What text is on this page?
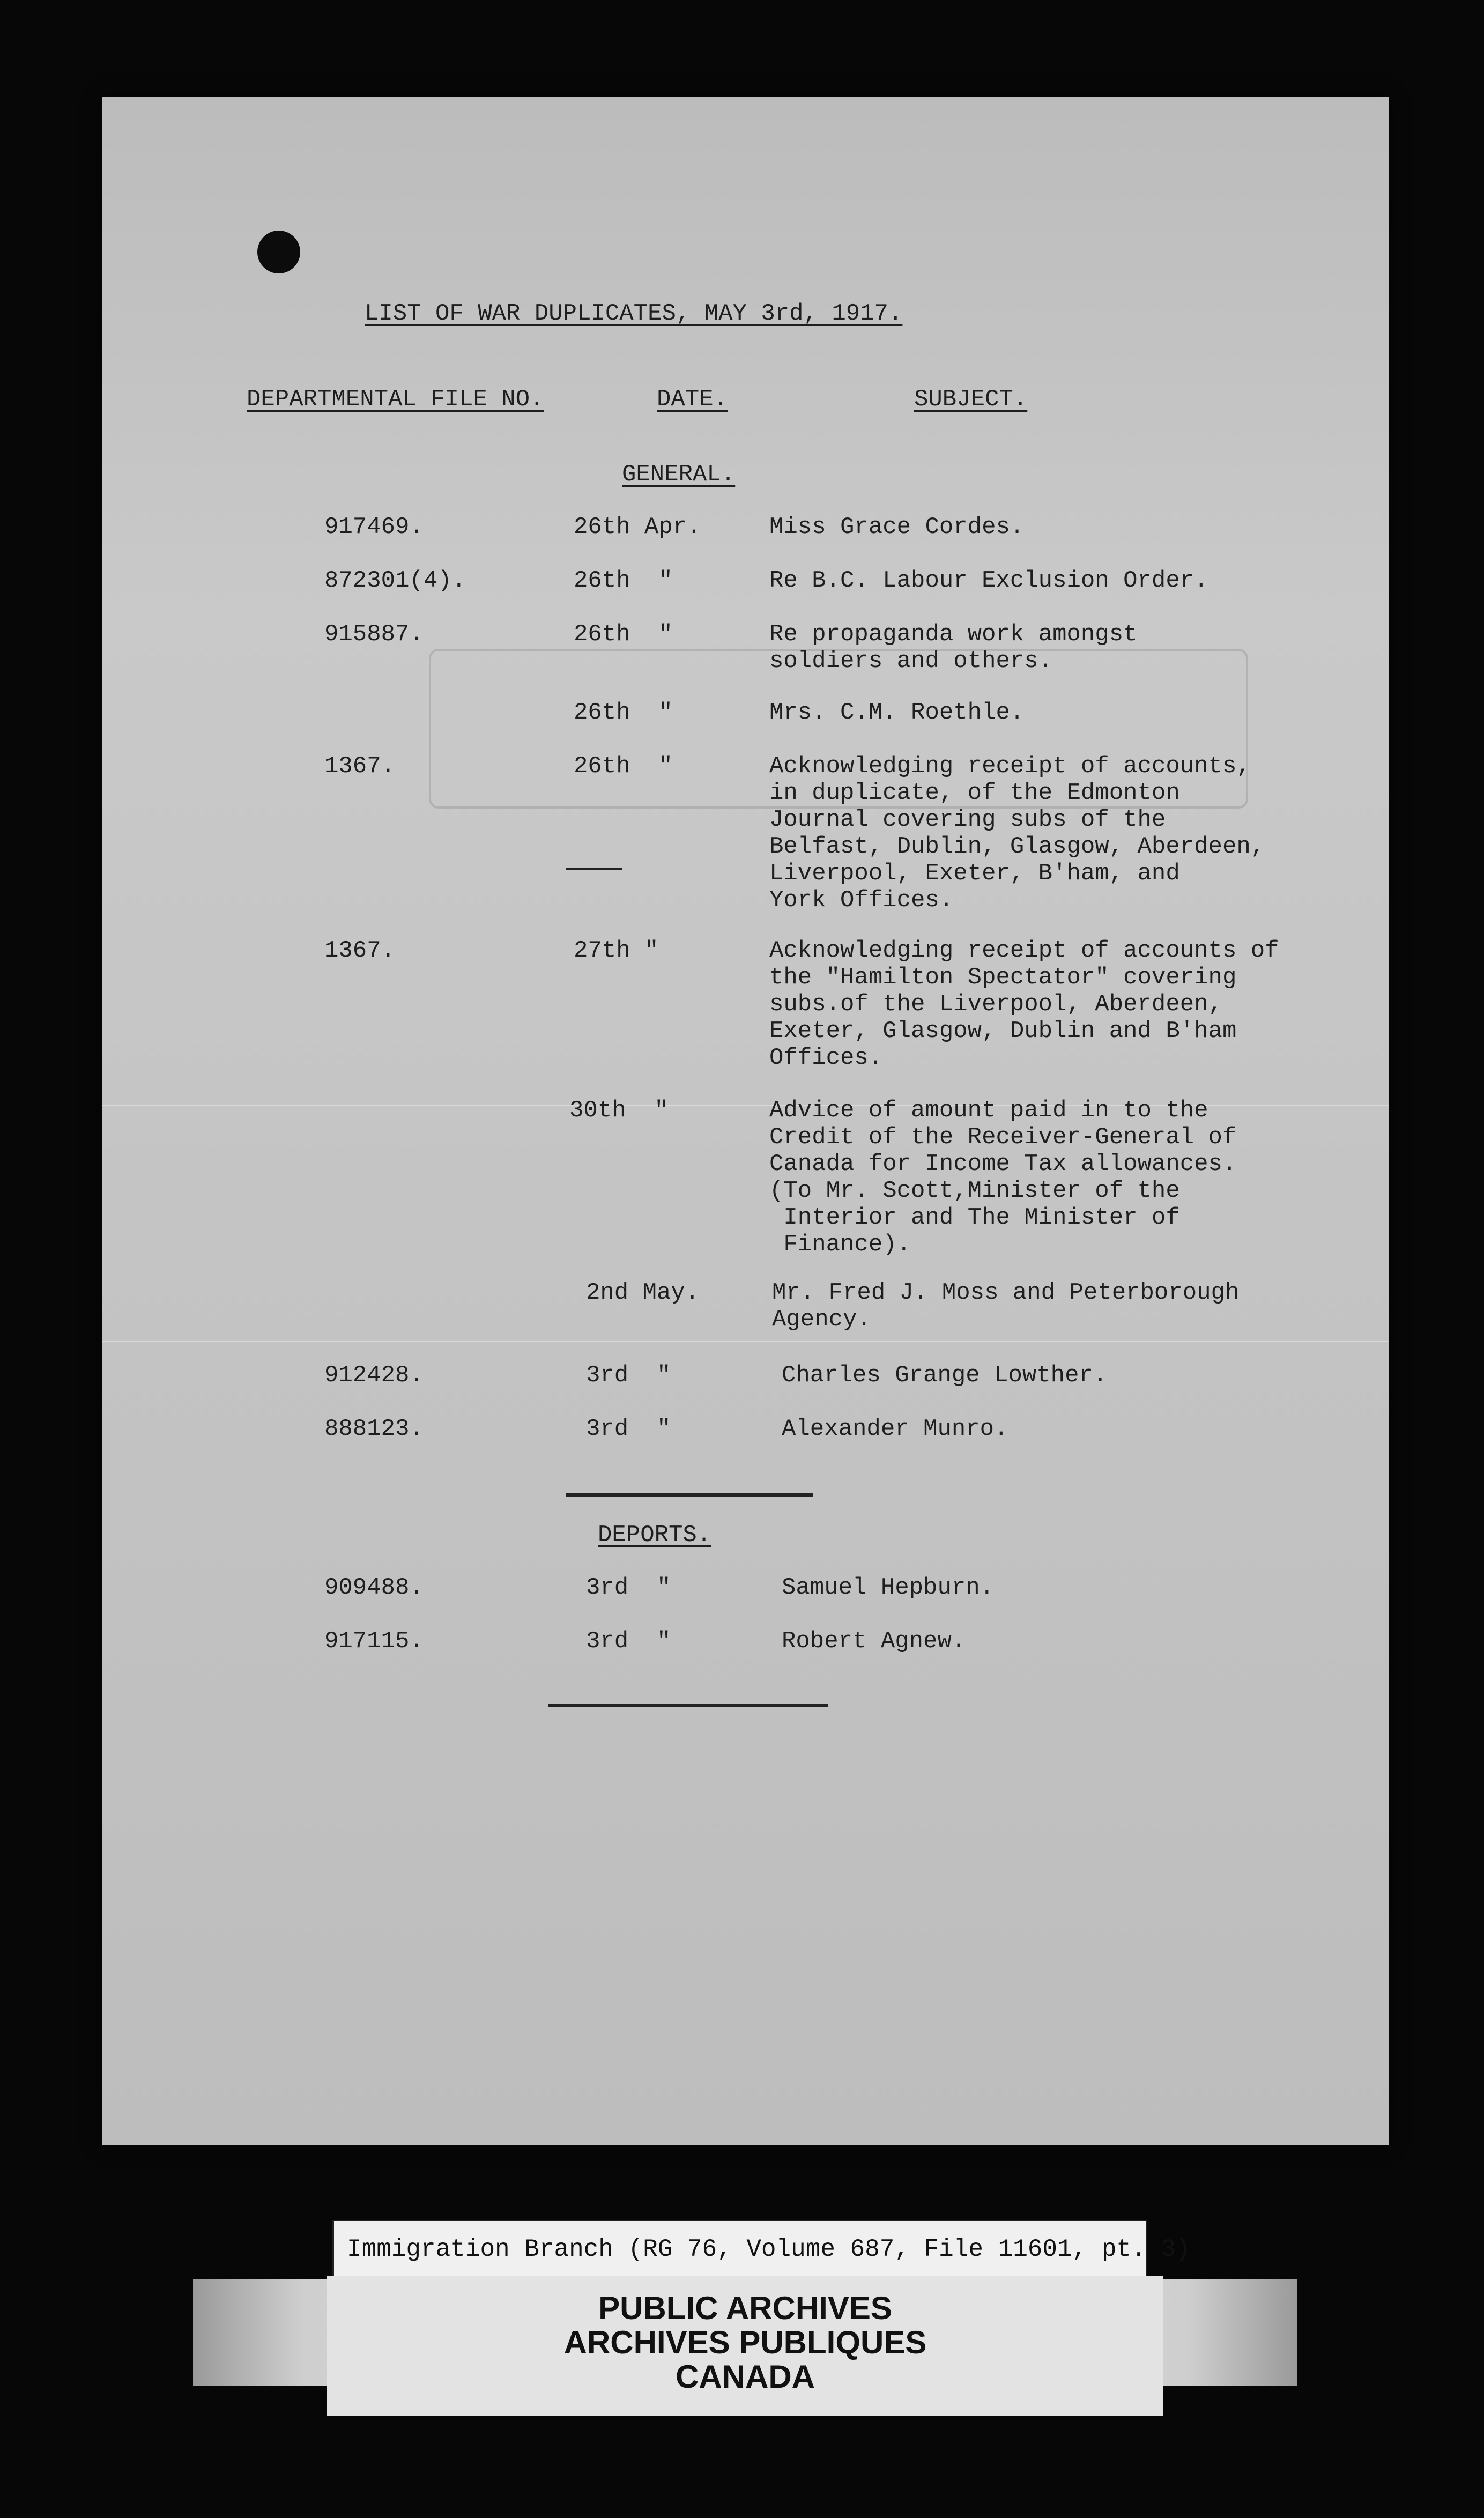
LIST OF WAR DUPLICATES, MAY 3rd, 1917.
DEPARTMENTAL FILE NO.	DATE.	SUBJECT.
GENERAL.
917469.	26th Apr.	Miss Grace Cordes.
872301(4).	26th  "	Re B.C. Labour Exclusion Order.
915887.	26th  "	Re propaganda work amongst
soldiers and others.
26th  "	Mrs. C.M. Roethle.
1367.	26th  "	Acknowledging receipt of accounts,
in duplicate, of the Edmonton
Journal covering subs of the
Belfast, Dublin, Glasgow, Aberdeen,
Liverpool, Exeter, B'ham, and
York Offices.
1367.	27th "	Acknowledging receipt of accounts of
the "Hamilton Spectator" covering
subs.of the Liverpool, Aberdeen,
Exeter, Glasgow, Dublin and B'ham
Offices.
30th  "	Advice of amount paid in to the
Credit of the Receiver-General of
Canada for Income Tax allowances.
(To Mr. Scott,Minister of the
Interior and The Minister of
Finance).
2nd May.	Mr. Fred J. Moss and Peterborough
Agency.
912428.	3rd  "	Charles Grange Lowther.
888123.	3rd  "	Alexander Munro.
DEPORTS.
909488.	3rd  "	Samuel Hepburn.
917115.	3rd  "	Robert Agnew.
Immigration Branch (RG 76, Volume 687, File 11601, pt. 3)
PUBLIC ARCHIVES
ARCHIVES PUBLIQUES
CANADA
